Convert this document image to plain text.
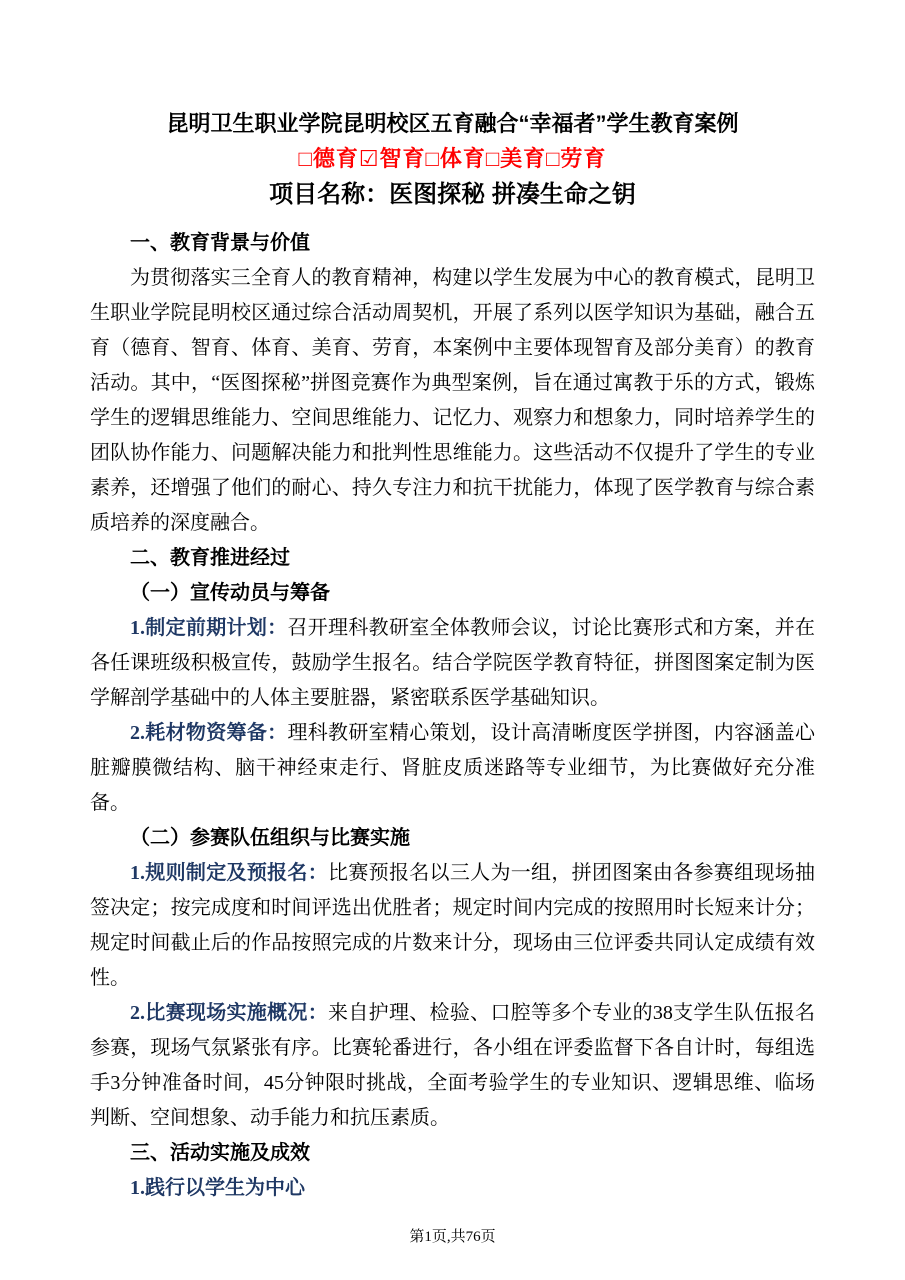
昆明卫生职业学院昆明校区五育融合“幸福者”学生教育案例
□德育☑智育□体育□美育□劳育
项目名称：医图探秘 拼凑生命之钥
一、教育背景与价值

为贯彻落实三全育人的教育精神，构建以学生发展为中心的教育模式，昆明卫生职业学院昆明校区通过综合活动周契机，开展了系列以医学知识为基础，融合五育（德育、智育、体育、美育、劳育，本案例中主要体现智育及部分美育）的教育活动。其中，“医图探秘”拼图竞赛作为典型案例，旨在通过寓教于乐的方式，锻炼学生的逻辑思维能力、空间思维能力、记忆力、观察力和想象力，同时培养学生的团队协作能力、问题解决能力和批判性思维能力。这些活动不仅提升了学生的专业素养，还增强了他们的耐心、持久专注力和抗干扰能力，体现了医学教育与综合素质培养的深度融合。

二、教育推进经过
（一）宣传动员与筹备

1.制定前期计划：召开理科教研室全体教师会议，讨论比赛形式和方案，并在各任课班级积极宣传，鼓励学生报名。结合学院医学教育特征，拼图图案定制为医学解剖学基础中的人体主要脏器，紧密联系医学基础知识。

2.耗材物资筹备：理科教研室精心策划，设计高清晰度医学拼图，内容涵盖心脏瓣膜微结构、脑干神经束走行、肾脏皮质迷路等专业细节，为比赛做好充分准备。

（二）参赛队伍组织与比赛实施

1.规则制定及预报名：比赛预报名以三人为一组，拼团图案由各参赛组现场抽签决定；按完成度和时间评选出优胜者；规定时间内完成的按照用时长短来计分；规定时间截止后的作品按照完成的片数来计分，现场由三位评委共同认定成绩有效性。

2.比赛现场实施概况：来自护理、检验、口腔等多个专业的38支学生队伍报名参赛，现场气氛紧张有序。比赛轮番进行，各小组在评委监督下各自计时，每组选手3分钟准备时间，45分钟限时挑战，全面考验学生的专业知识、逻辑思维、临场判断、空间想象、动手能力和抗压素质。

三、活动实施及成效

1.践行以学生为中心

第1页,共76页
